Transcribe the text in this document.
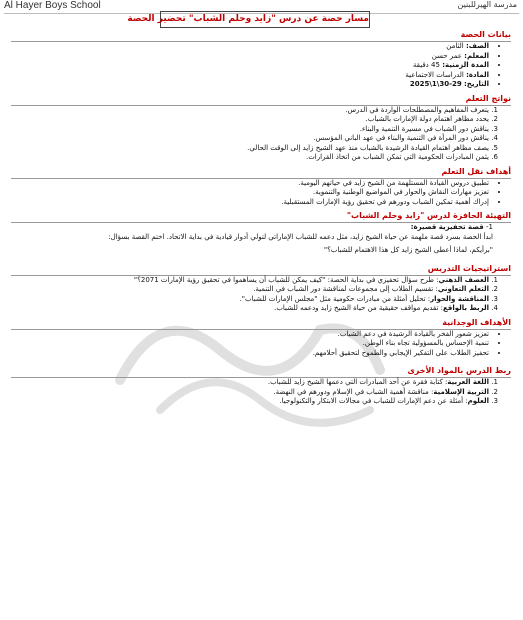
Al Hayer Boys School	مدرسة الهيرللبنين
مسار حصة عن درس "زايد وحلم الشباب" تحضير الحصة
بيانات الحصة
• الصف: الثامن
• المعلم: عمر حسن
• المدة الزمنية: 45 دقيقة
• المادة: الدراسات الاجتماعية
• التاريخ: 29-30\1\2025
نواتج التعلم
1. يتعرف المفاهيم والمصطلحات الواردة في الدرس.
2. يحدد مظاهر اهتمام دولة الإمارات بالشباب.
3. يناقش دور الشباب في مسيرة التنمية والبناء.
4. يناقش دور المرأة في التنمية والبناء في عهد الباني المؤسس.
5. يصف مظاهر اهتمام القيادة الرشيدة بالشباب منذ عهد الشيخ زايد إلى الوقت الحالي.
6. يثمن المبادرات الحكومية التي تمكن الشباب من اتخاذ القرارات.
أهداف نقل التعلم
• تطبيق دروس القيادة المستلهمة من الشيخ زايد في حياتهم اليومية.
• تعزيز مهارات النقاش والحوار في المواضيع الوطنية والتنموية.
• إدراك أهمية تمكين الشباب ودورهم في تحقيق رؤية الإمارات المستقبلية.
التهيئة الحافزة لدرس "زايد وحلم الشباب"
1- قصة تحفيزية قصيرة:
ابدأ الحصة بسرد قصة ملهمة عن حياة الشيخ زايد، مثل دعمه للشباب الإماراتي لتولي أدوار قيادية في بداية الاتحاد. اختم القصة بسؤال:
"برأيكم، لماذا أعطى الشيخ زايد كل هذا الاهتمام للشباب؟"
استراتيجيات التدريس
1. العصف الذهني: طرح سؤال تحفيزي في بداية الحصة: "كيف يمكن للشباب أن يساهموا في تحقيق رؤية الإمارات 2071؟"
2. التعلم التعاوني: تقسيم الطلاب إلى مجموعات لمناقشة دور الشباب في التنمية.
3. المناقشة والحوار: تحليل أمثلة من مبادرات حكومية مثل "مجلس الإمارات للشباب".
4. الربط بالواقع: تقديم مواقف حقيقية من حياة الشيخ زايد ودعمه للشباب.
الأهداف الوجدانية
• تعزيز شعور الفخر بالقيادة الرشيدة في دعم الشباب.
• تنمية الإحساس بالمسؤولية تجاه بناء الوطن.
• تحفيز الطلاب على التفكير الإيجابي والطموح لتحقيق أحلامهم.
ربط الدرس بالمواد الأخرى
1. اللغة العربية: كتابة فقرة عن أحد المبادرات التي دعمها الشيخ زايد للشباب.
2. التربية الإسلامية: مناقشة أهمية الشباب في الإسلام ودورهم في النهضة.
3. العلوم: أمثلة عن دعم الإمارات للشباب في مجالات الابتكار والتكنولوجيا.
